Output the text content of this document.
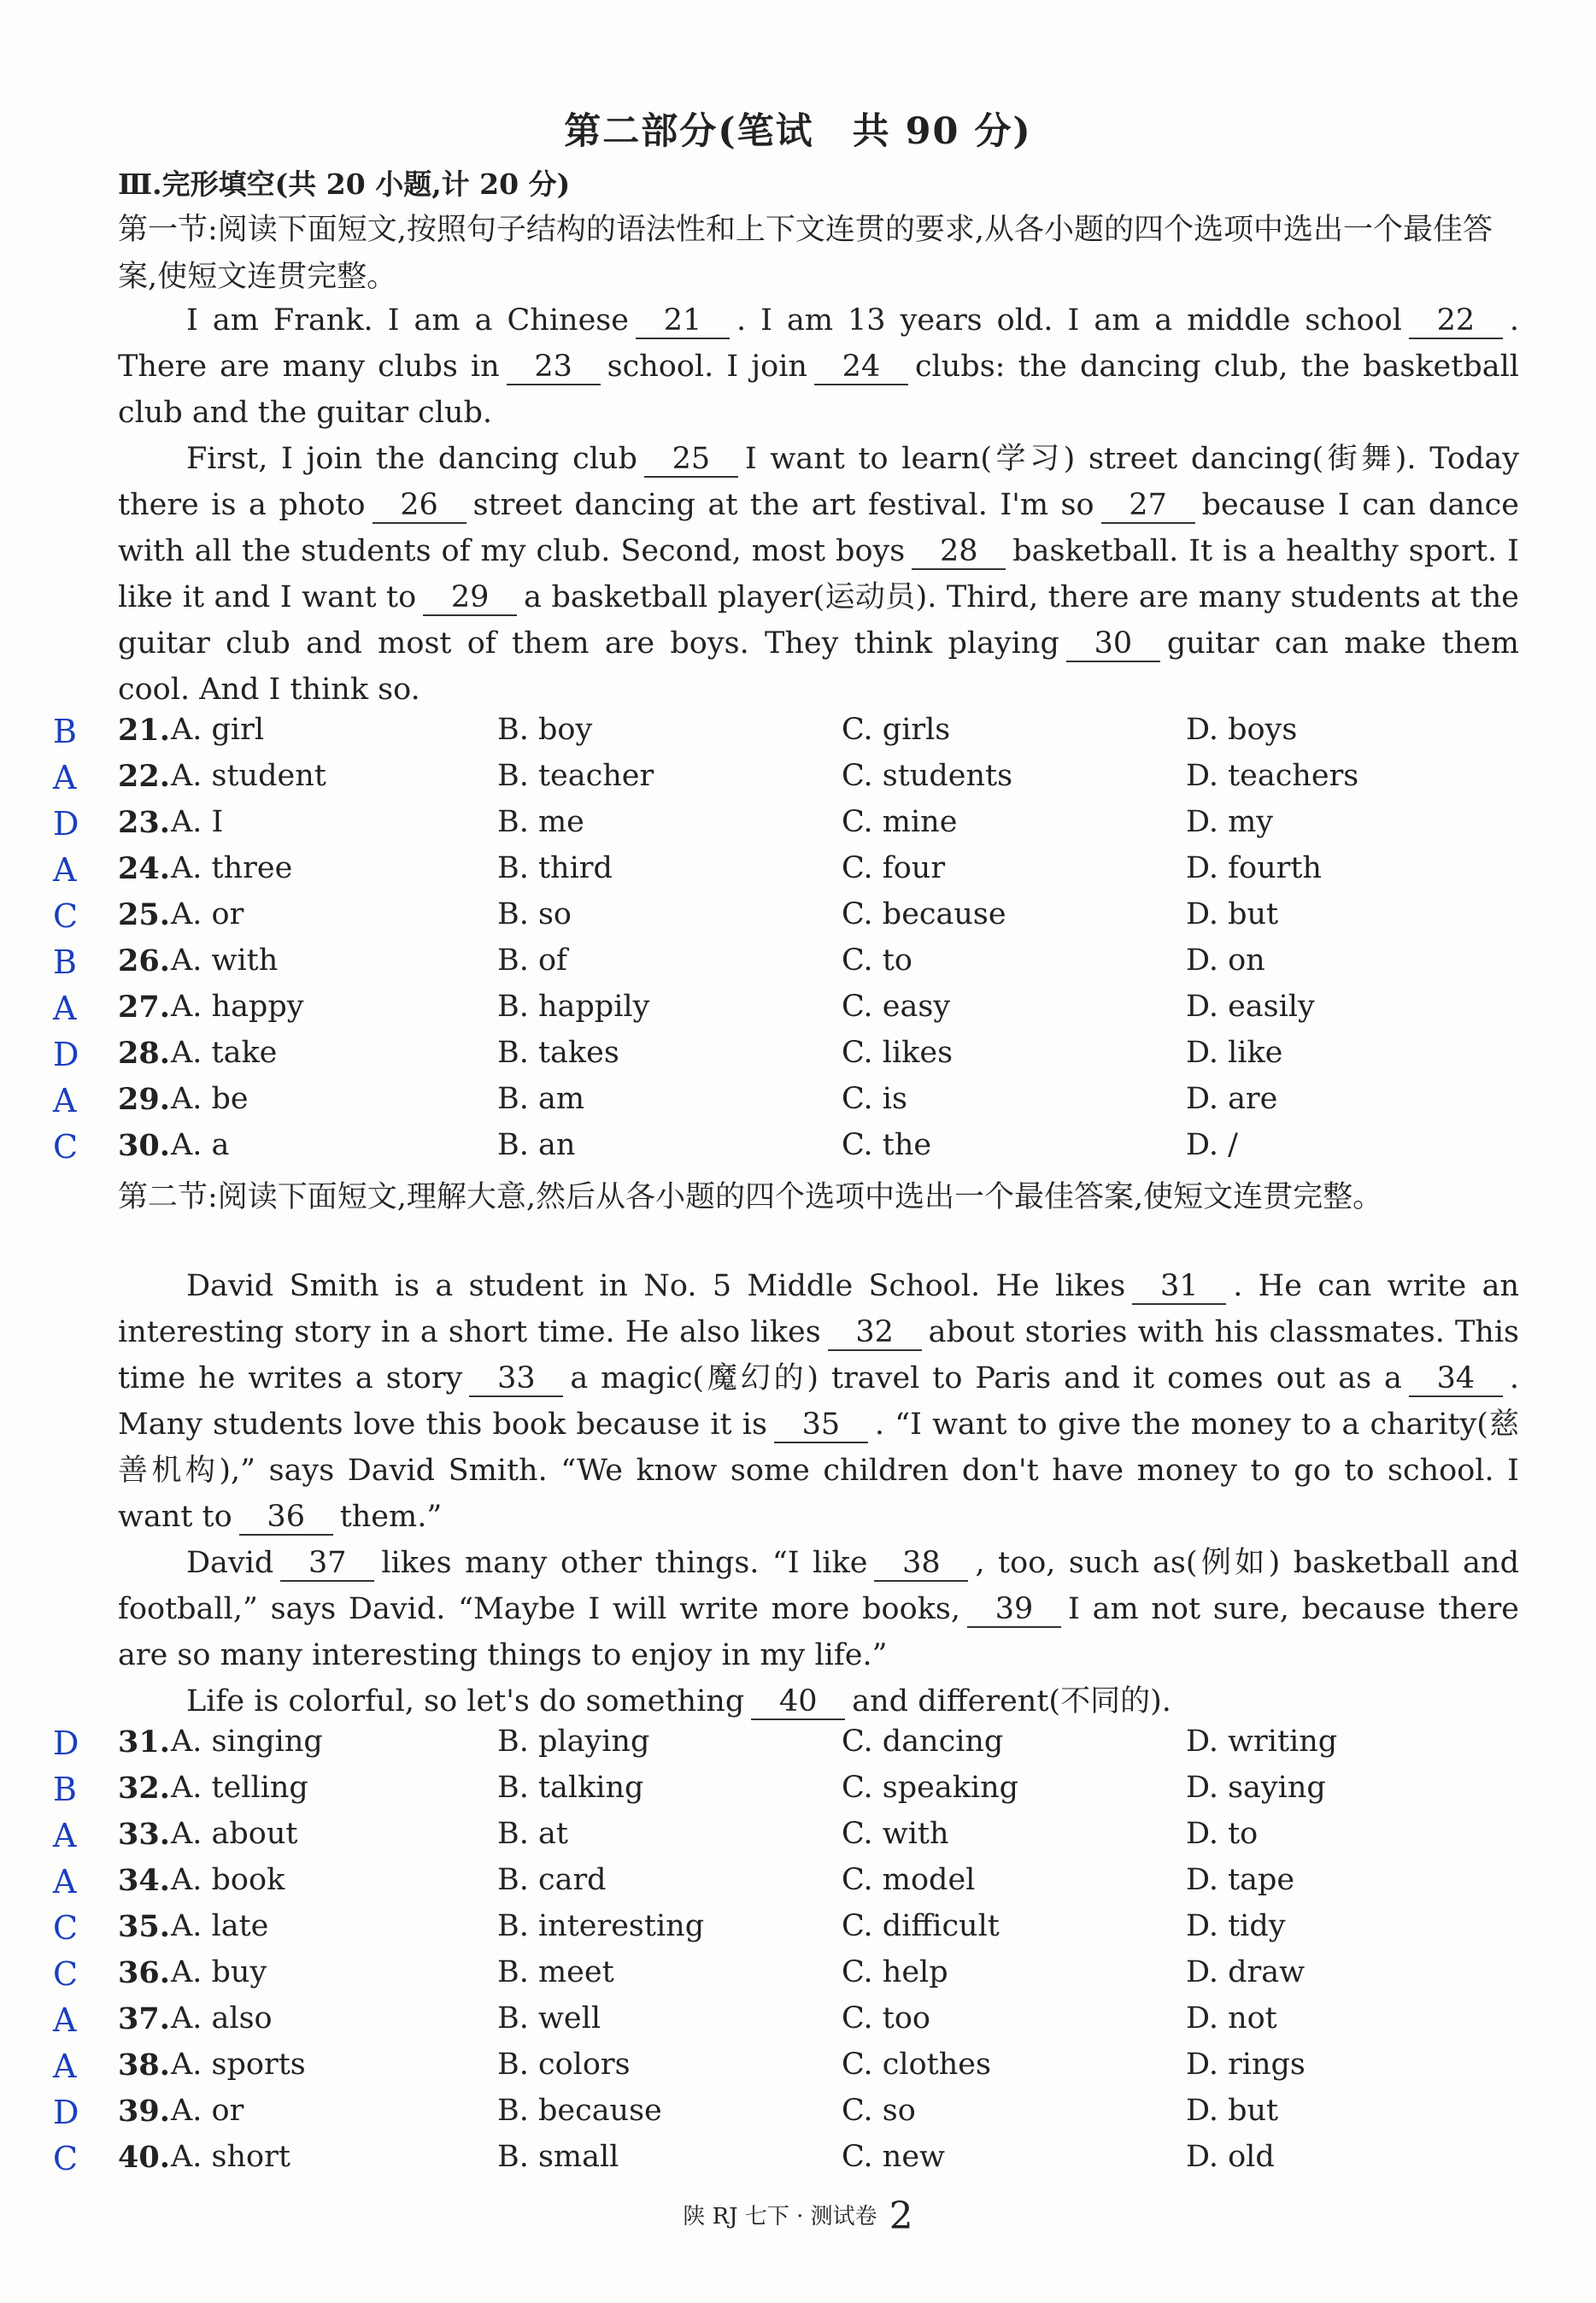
第二部分(笔试　共 90 分)
Ⅲ.完形填空(共 20 小题,计 20 分)
第一节:阅读下面短文,按照句子结构的语法性和上下文连贯的要求,从各小题的四个选项中选出一个最佳答案,使短文连贯完整。
I am Frank. I am a Chinese 21 . I am 13 years old. I am a middle school 22 . There are many clubs in 23 school. I join 24 clubs: the dancing club, the basketball club and the guitar club.
First, I join the dancing club 25 I want to learn(学习) street dancing(街舞). Today there is a photo 26 street dancing at the art festival. I'm so 27 because I can dance with all the students of my club. Second, most boys 28 basketball. It is a healthy sport. I like it and I want to 29 a basketball player(运动员). Third, there are many students at the guitar club and most of them are boys. They think playing 30 guitar can make them cool. And I think so.
B 21. A. girl	B. boy	C. girls	D. boys
A 22. A. student	B. teacher	C. students	D. teachers
D 23. A. I	B. me	C. mine	D. my
A 24. A. three	B. third	C. four	D. fourth
C 25. A. or	B. so	C. because	D. but
B 26. A. with	B. of	C. to	D. on
A 27. A. happy	B. happily	C. easy	D. easily
D 28. A. take	B. takes	C. likes	D. like
A 29. A. be	B. am	C. is	D. are
C 30. A. a	B. an	C. the	D. /
第二节:阅读下面短文,理解大意,然后从各小题的四个选项中选出一个最佳答案,使短文连贯完整。
David Smith is a student in No. 5 Middle School. He likes 31 . He can write an interesting story in a short time. He also likes 32 about stories with his classmates. This time he writes a story 33 a magic(魔幻的) travel to Paris and it comes out as a 34 . Many students love this book because it is 35 . “I want to give the money to a charity(慈善机构),” says David Smith. “We know some children don't have money to go to school. I want to 36 them.”
David 37 likes many other things. “I like 38 , too, such as(例如) basketball and football,” says David. “Maybe I will write more books, 39 I am not sure, because there are so many interesting things to enjoy in my life.”
Life is colorful, so let's do something 40 and different(不同的).
D 31. A. singing	B. playing	C. dancing	D. writing
B 32. A. telling	B. talking	C. speaking	D. saying
A 33. A. about	B. at	C. with	D. to
A 34. A. book	B. card	C. model	D. tape
C 35. A. late	B. interesting	C. difficult	D. tidy
C 36. A. buy	B. meet	C. help	D. draw
A 37. A. also	B. well	C. too	D. not
A 38. A. sports	B. colors	C. clothes	D. rings
D 39. A. or	B. because	C. so	D. but
C 40. A. short	B. small	C. new	D. old
陕 RJ 七下 · 测试卷 2
